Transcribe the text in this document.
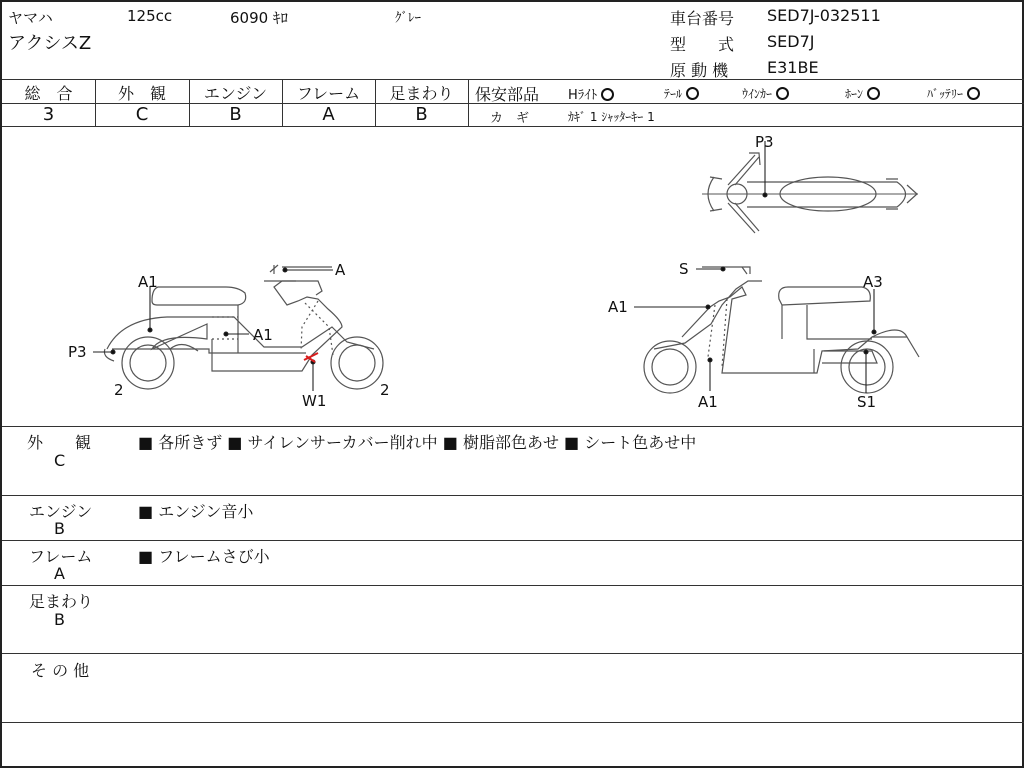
ヤマハ	125cc	6090 ｷﾛ	ｸﾞﾚｰ
アクシスZ
車台番号 SED7J-032511
型　　式 SED7J
原 動 機 E31BE
総　合	外　観	エンジン	フレーム	足まわり
3	C	B	A	B
保安部品 Hﾗｲﾄ	ﾃｰﾙ	ｳｲﾝｶｰ	ﾎｰﾝ	ﾊﾞｯﾃﾘｰ
カ　ギ	ｶｷﾞ 1 ｼｬｯﾀｰｷｰ 1
A1
A
A1
P3
2
W1
2
P3
S
A3
A1
A1	S1
外　　観
C
■ 各所きず ■ サイレンサーカバー削れ中 ■ 樹脂部色あせ ■ シート色あせ中
エンジン
B
■ エンジン音小
フレーム
A
■ フレームさび小
足まわり
B
そ の 他
